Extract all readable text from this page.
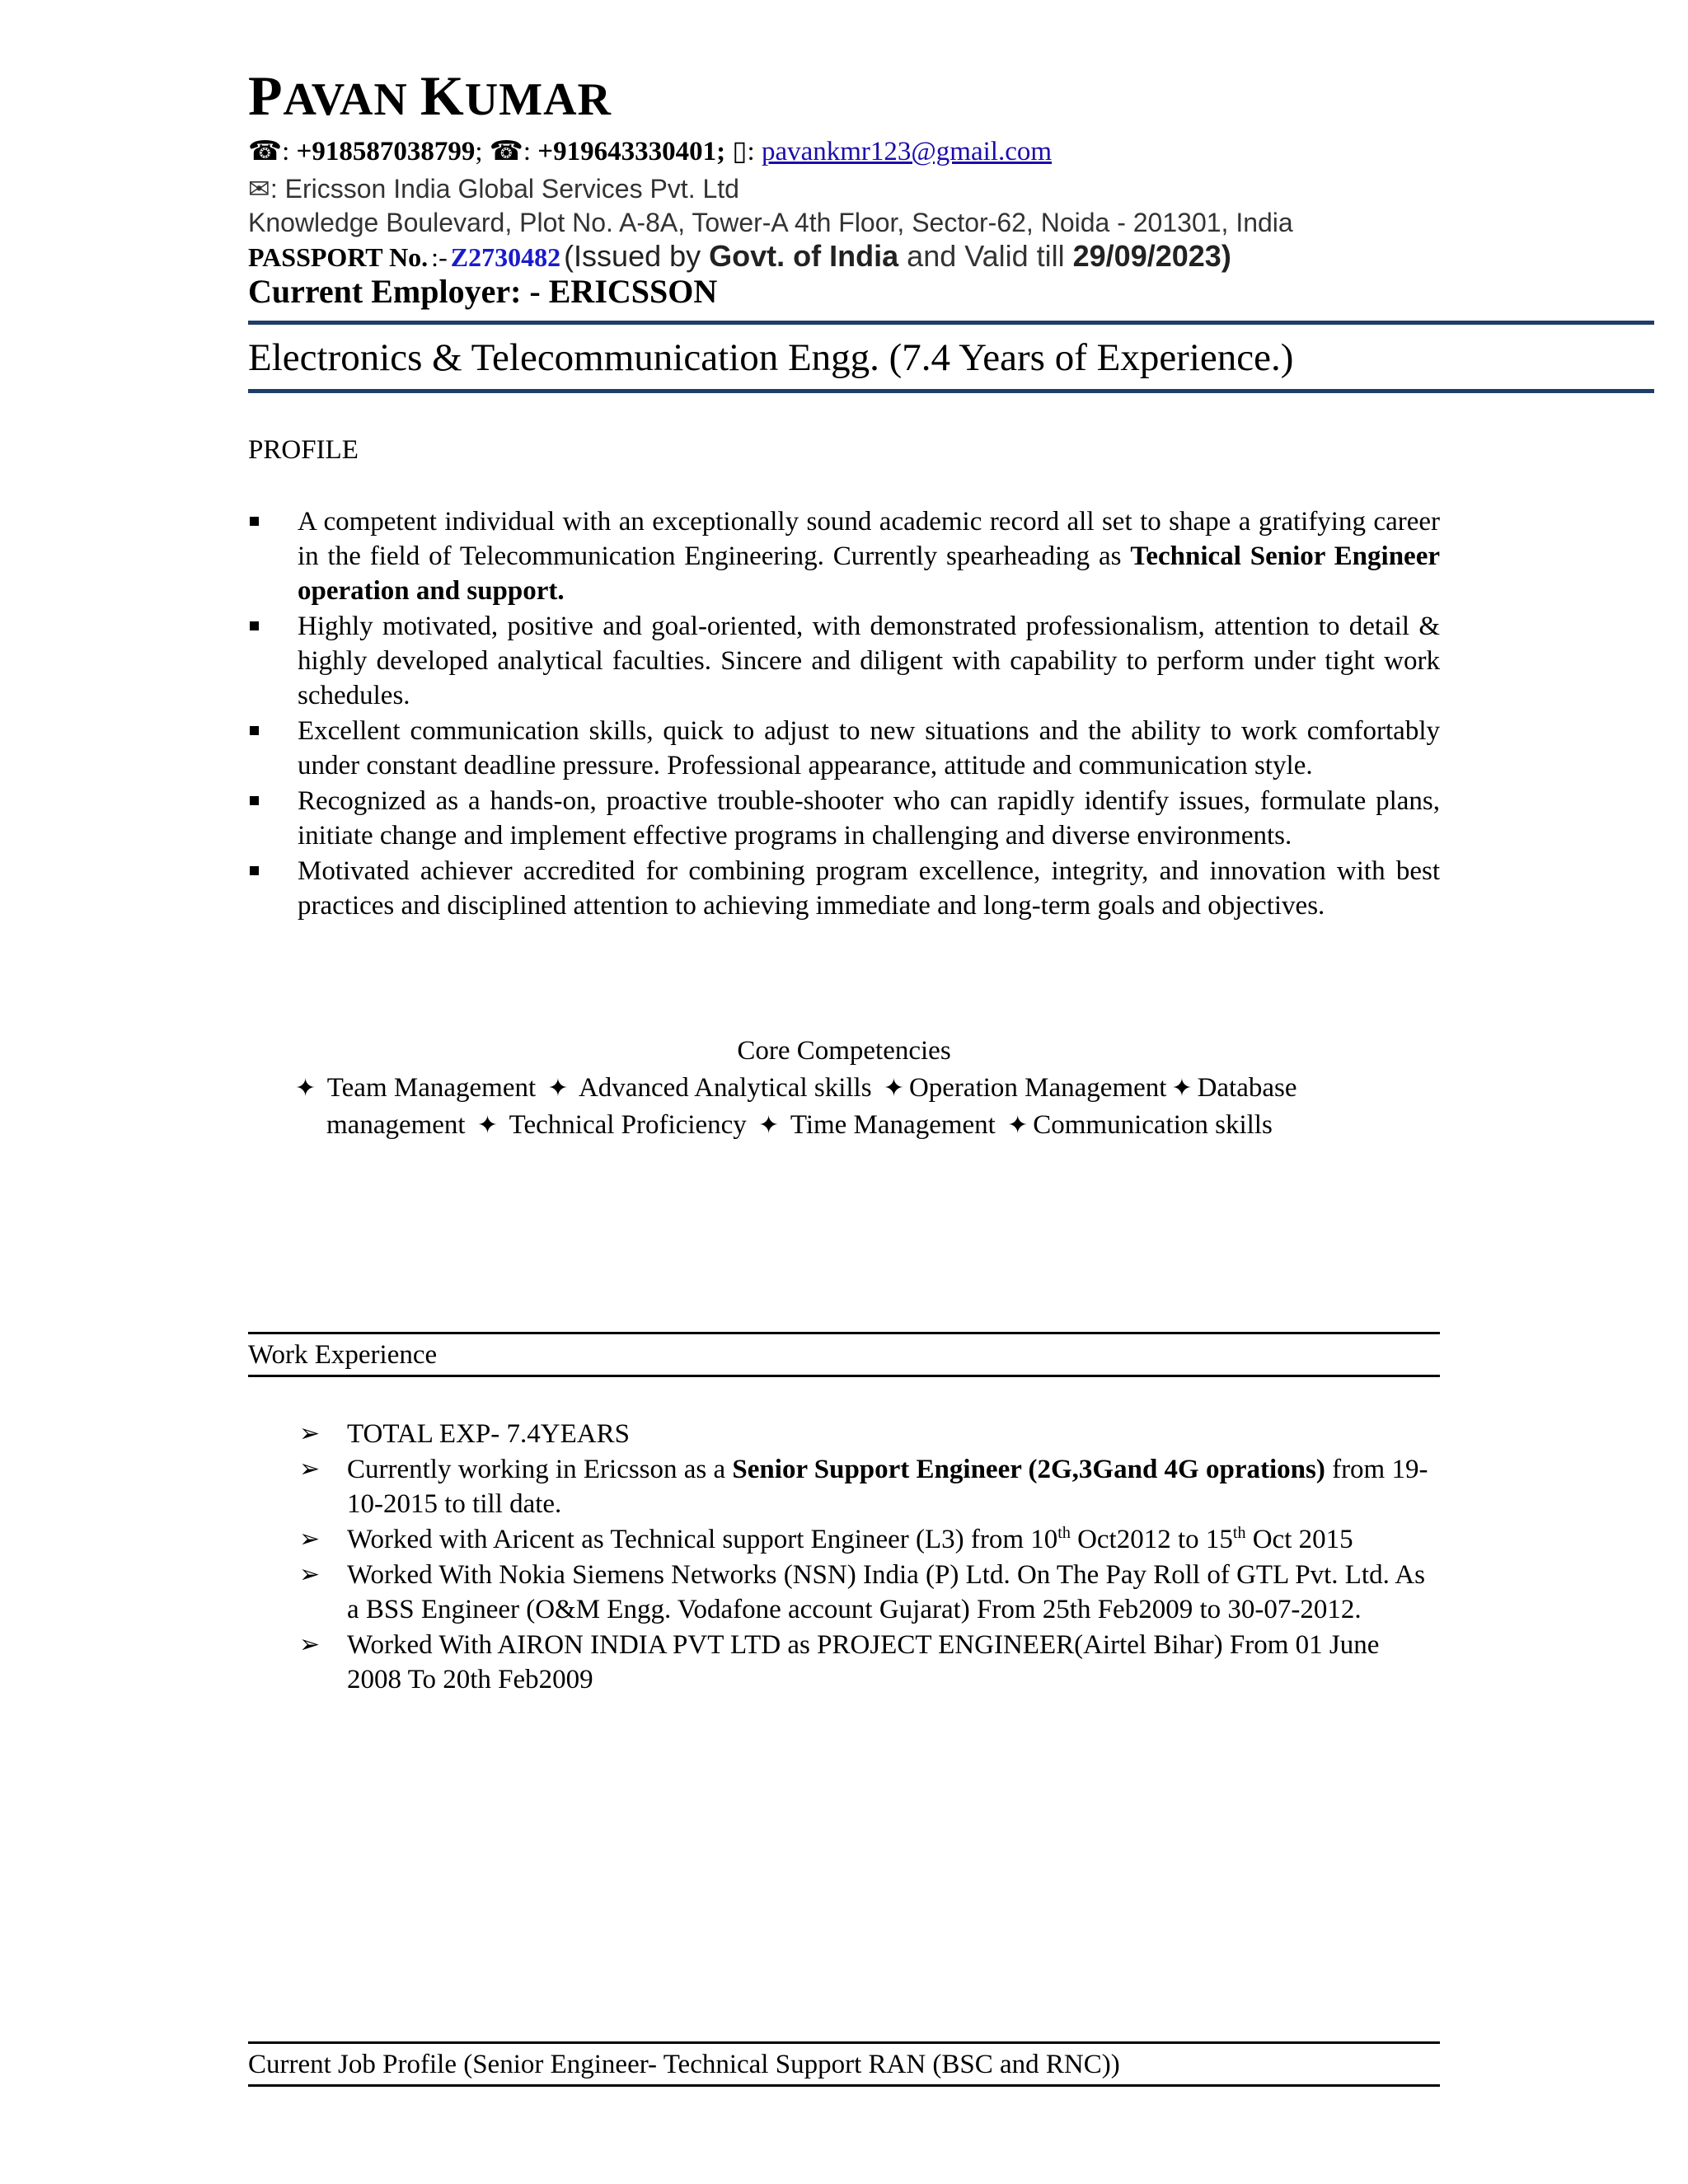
PAVAN KUMAR
☎: +918587038799; ☎: +919643330401; ▯: pavankmr123@gmail.com
✉: Ericsson India Global Services Pvt. Ltd
Knowledge Boulevard, Plot No. A-8A, Tower-A 4th Floor, Sector-62, Noida - 201301, India
PASSPORT No. :- Z2730482 (Issued by Govt. of India and Valid till 29/09/2023)
Current Employer: - ERICSSON
Electronics & Telecommunication Engg. (7.4 Years of Experience.)
PROFILE
A competent individual with an exceptionally sound academic record all set to shape a gratifying career in the field of Telecommunication Engineering. Currently spearheading as Technical Senior Engineer operation and support.
Highly motivated, positive and goal-oriented, with demonstrated professionalism, attention to detail & highly developed analytical faculties. Sincere and diligent with capability to perform under tight work schedules.
Excellent communication skills, quick to adjust to new situations and the ability to work comfortably under constant deadline pressure. Professional appearance, attitude and communication style.
Recognized as a hands-on, proactive trouble-shooter who can rapidly identify issues, formulate plans, initiate change and implement effective programs in challenging and diverse environments.
Motivated achiever accredited for combining program excellence, integrity, and innovation with best practices and disciplined attention to achieving immediate and long-term goals and objectives.
Core Competencies
✦ Team Management ✦ Advanced Analytical skills ✦ Operation Management ✦ Database
management ✦ Technical Proficiency ✦ Time Management ✦ Communication skills
Work Experience
➢ TOTAL EXP- 7.4YEARS
➢ Currently working in Ericsson as a Senior Support Engineer (2G,3Gand 4G oprations) from 19-10-2015 to till date.
➢ Worked with Aricent as Technical support Engineer (L3) from 10th Oct2012 to 15th Oct 2015
➢ Worked With Nokia Siemens Networks (NSN) India (P) Ltd. On The Pay Roll of GTL Pvt. Ltd. As a BSS Engineer (O&M Engg. Vodafone account Gujarat) From 25th Feb2009 to 30-07-2012.
➢ Worked With AIRON INDIA PVT LTD as PROJECT ENGINEER(Airtel Bihar) From 01 June 2008 To 20th Feb2009
Current Job Profile (Senior Engineer- Technical Support RAN (BSC and RNC))
